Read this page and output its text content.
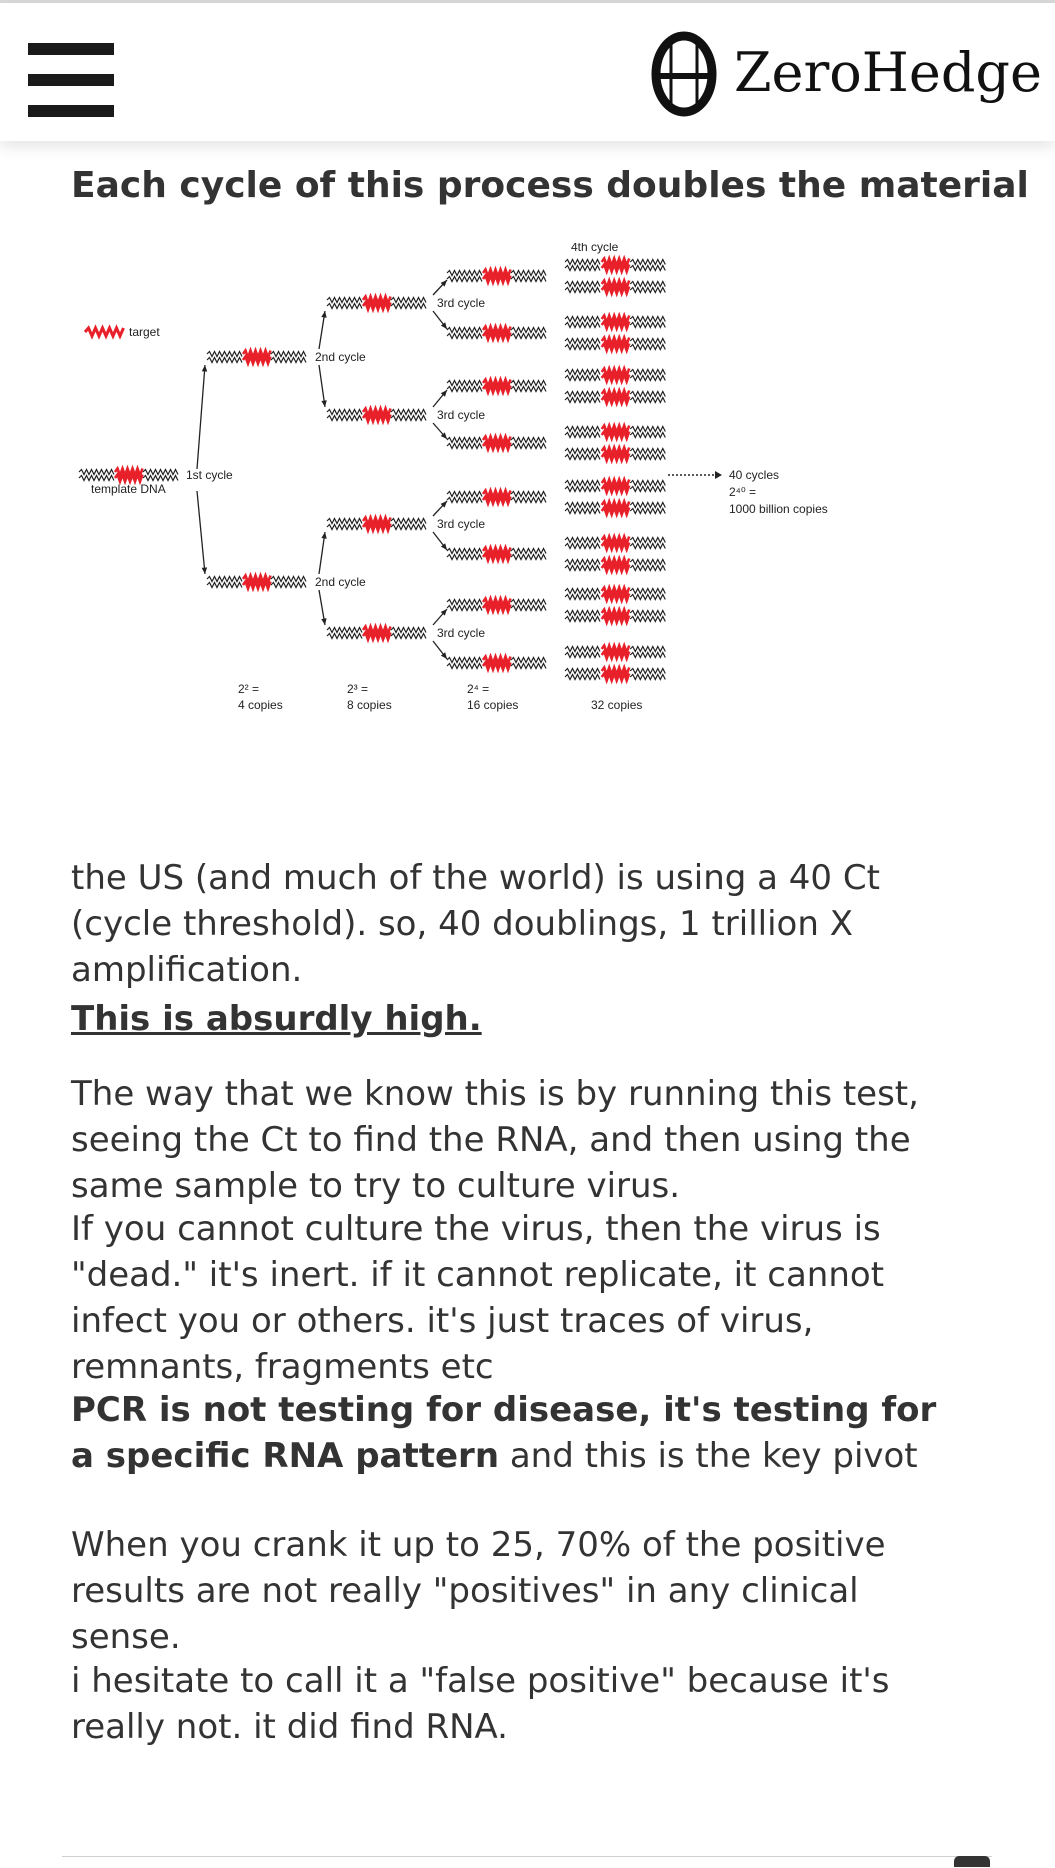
ZeroHedge
Each cycle of this process doubles the material
target
template DNA
1st cycle
2nd cycle
2nd cycle
3rd cycle
3rd cycle
3rd cycle
3rd cycle
4th cycle
2² =
4 copies
2³ =
8 copies
2⁴ =
16 copies	32 copies
40 cycles
2⁴⁰ =
1000 billion copies

the US (and much of the world) is using a 40 Ct (cycle threshold). so, 40 doublings, 1 trillion X amplification.

This is absurdly high.

The way that we know this is by running this test, seeing the Ct to find the RNA, and then using the same sample to try to culture virus.

If you cannot culture the virus, then the virus is "dead." it's inert. if it cannot replicate, it cannot infect you or others. it's just traces of virus, remnants, fragments etc

PCR is not testing for disease, it's testing for a specific RNA pattern and this is the key pivot

When you crank it up to 25, 70% of the positive results are not really "positives" in any clinical sense.

i hesitate to call it a "false positive" because it's really not. it did find RNA.
